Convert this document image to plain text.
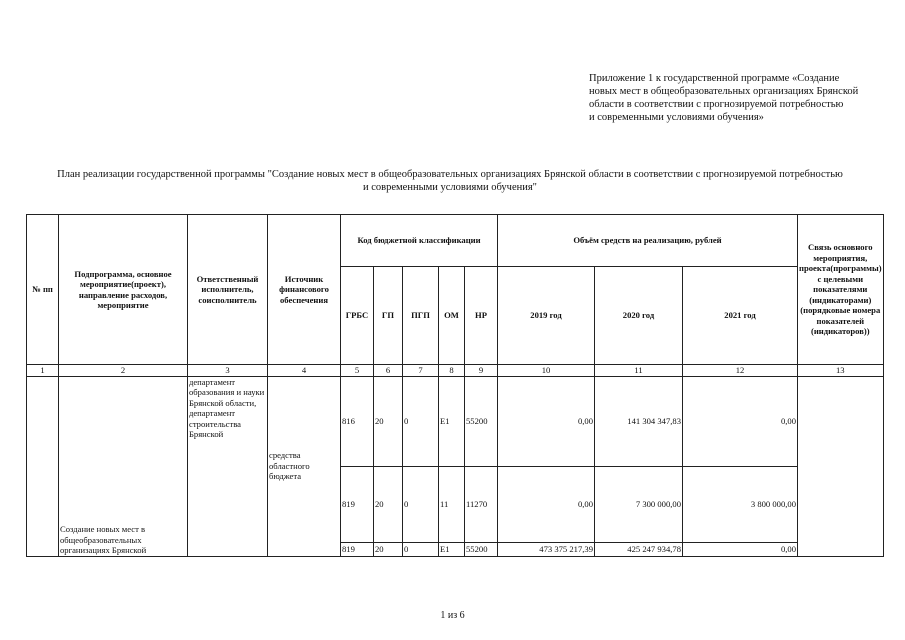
Приложение 1 к государственной программе «Создание
новых мест в общеобразовательных организациях Брянской
области в соответствии с прогнозируемой потребностью
и современными условиями обучения»
План реализации государственной программы "Создание новых мест в общеобразовательных организациях Брянской области в соответствии с прогнозируемой потребностью
и современными условиями обучения"
№ пп	Подпрограмма, основное мероприятие(проект), направление расходов, мероприятие	Ответственный исполнитель, соисполнитель	Источник финансового обеспечения	Код бюджетной классификации					Объём средств на реализацию, рублей			Связь основного мероприятия, проекта(программы) с целевыми показателями (индикаторами) (порядковые номера показателей (индикаторов))
				ГРБС	ГП	ПГП	ОМ	НР	2019 год	2020 год	2021 год	
1	2	3	4	5	6	7	8	9	10	11	12	13
	Создание новых мест в общеобразовательных организациях Брянской	департамент образования и науки Брянской области, департамент строительства Брянской	средства областного бюджета	816	20	0	Е1	55200	0,00	141 304 347,83	0,00	
				819	20	0	11	11270	0,00	7 300 000,00	3 800 000,00	
				819	20	0	Е1	55200	473 375 217,39	425 247 934,78	0,00	
1 из 6
